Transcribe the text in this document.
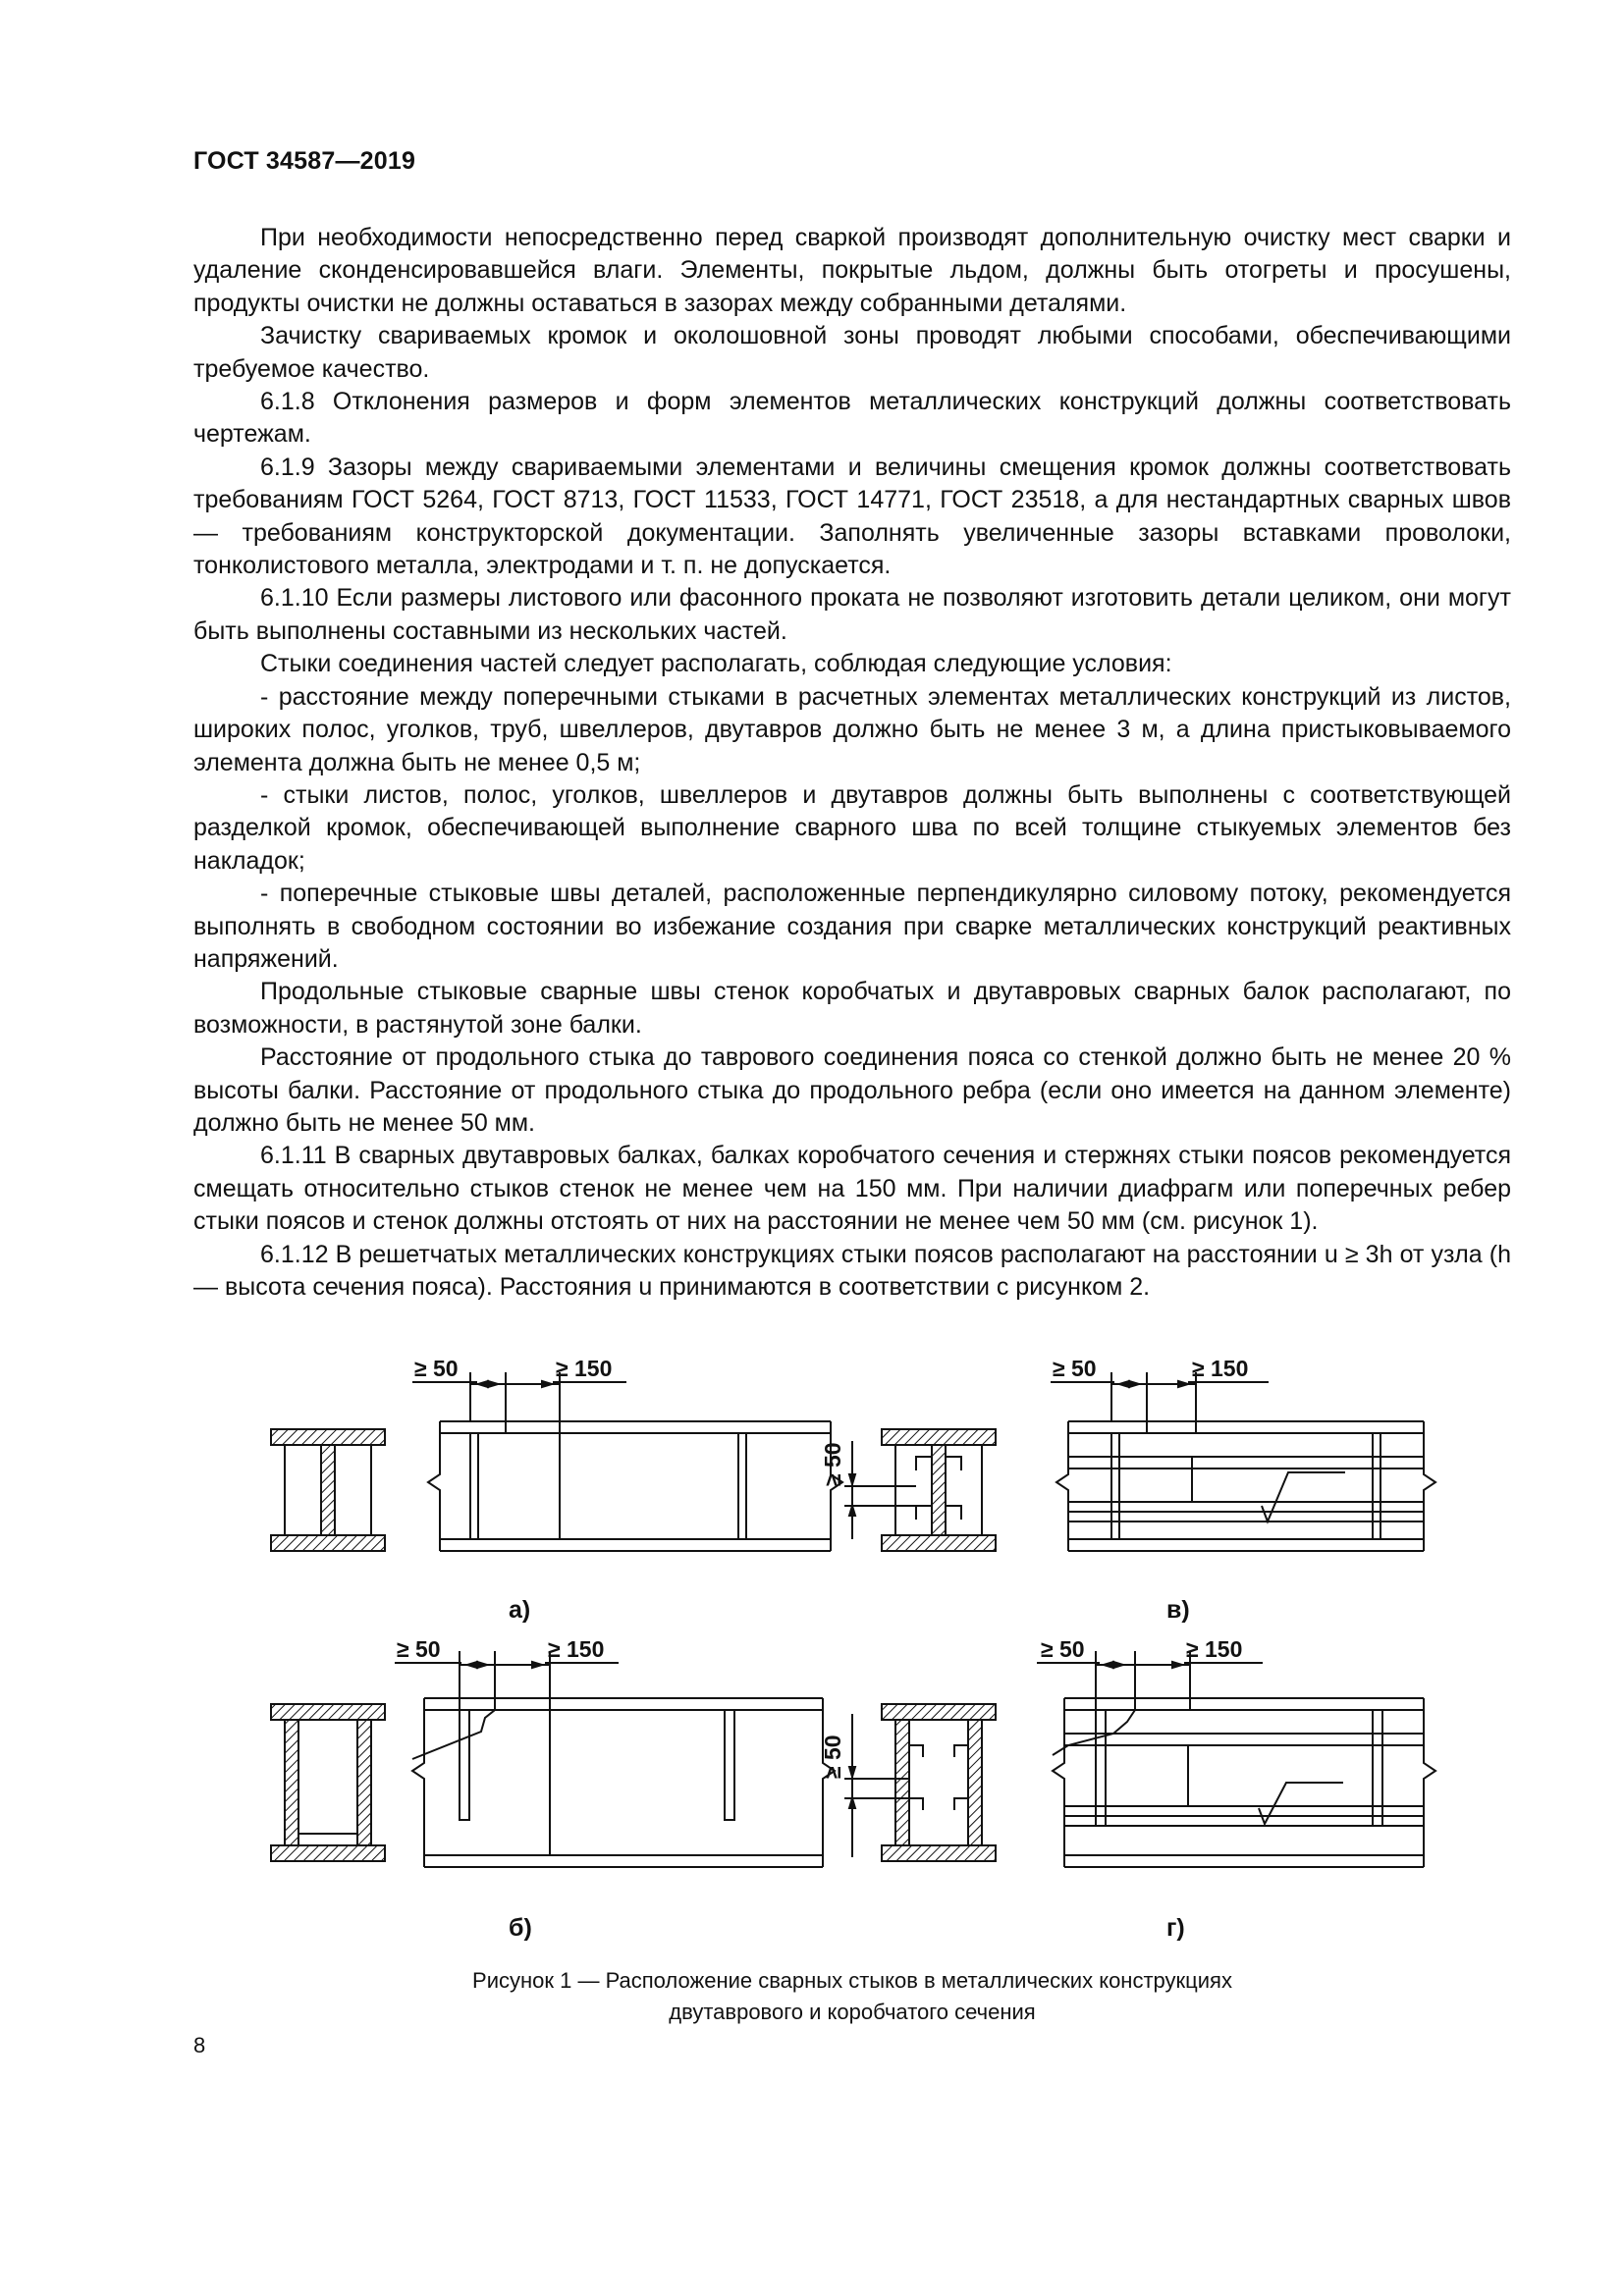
ГОСТ 34587—2019

При необходимости непосредственно перед сваркой производят дополнительную очистку мест сварки и удаление сконденсировавшейся влаги. Элементы, покрытые льдом, должны быть отогреты и просушены, продукты очистки не должны оставаться в зазорах между собранными деталями.

Зачистку свариваемых кромок и околошовной зоны проводят любыми способами, обеспечивающими требуемое качество.

6.1.8 Отклонения размеров и форм элементов металлических конструкций должны соответствовать чертежам.

6.1.9 Зазоры между свариваемыми элементами и величины смещения кромок должны соответствовать требованиям ГОСТ 5264, ГОСТ 8713, ГОСТ 11533, ГОСТ 14771, ГОСТ 23518, а для нестандартных сварных швов — требованиям конструкторской документации. Заполнять увеличенные зазоры вставками проволоки, тонколистового металла, электродами и т. п. не допускается.

6.1.10 Если размеры листового или фасонного проката не позволяют изготовить детали целиком, они могут быть выполнены составными из нескольких частей.

Стыки соединения частей следует располагать, соблюдая следующие условия:

- расстояние между поперечными стыками в расчетных элементах металлических конструкций из листов, широких полос, уголков, труб, швеллеров, двутавров должно быть не менее 3 м, а длина пристыковываемого элемента должна быть не менее 0,5 м;

- стыки листов, полос, уголков, швеллеров и двутавров должны быть выполнены с соответствующей разделкой кромок, обеспечивающей выполнение сварного шва по всей толщине стыкуемых элементов без накладок;

- поперечные стыковые швы деталей, расположенные перпендикулярно силовому потоку, рекомендуется выполнять в свободном состоянии во избежание создания при сварке металлических конструкций реактивных напряжений.

Продольные стыковые сварные швы стенок коробчатых и двутавровых сварных балок располагают, по возможности, в растянутой зоне балки.

Расстояние от продольного стыка до таврового соединения пояса со стенкой должно быть не менее 20 % высоты балки. Расстояние от продольного стыка до продольного ребра (если оно имеется на данном элементе) должно быть не менее 50 мм.

6.1.11 В сварных двутавровых балках, балках коробчатого сечения и стержнях стыки поясов рекомендуется смещать относительно стыков стенок не менее чем на 150 мм. При наличии диафрагм или поперечных ребер стыки поясов и стенок должны отстоять от них на расстоянии не менее чем 50 мм (см. рисунок 1).

6.1.12 В решетчатых металлических конструкциях стыки поясов располагают на расстоянии u ≥ 3h от узла (h — высота сечения пояса). Расстояния u принимаются в соответствии с рисунком 2.

≥ 50	≥ 150	≥ 50	≥ 150
≥ 50	≥ 150	≥ 50	≥ 150
≥ 50
≥ 50
а)	в)
б)	г)
Рисунок 1 — Расположение сварных стыков в металлических конструкциях
двутаврового и коробчатого сечения
8
